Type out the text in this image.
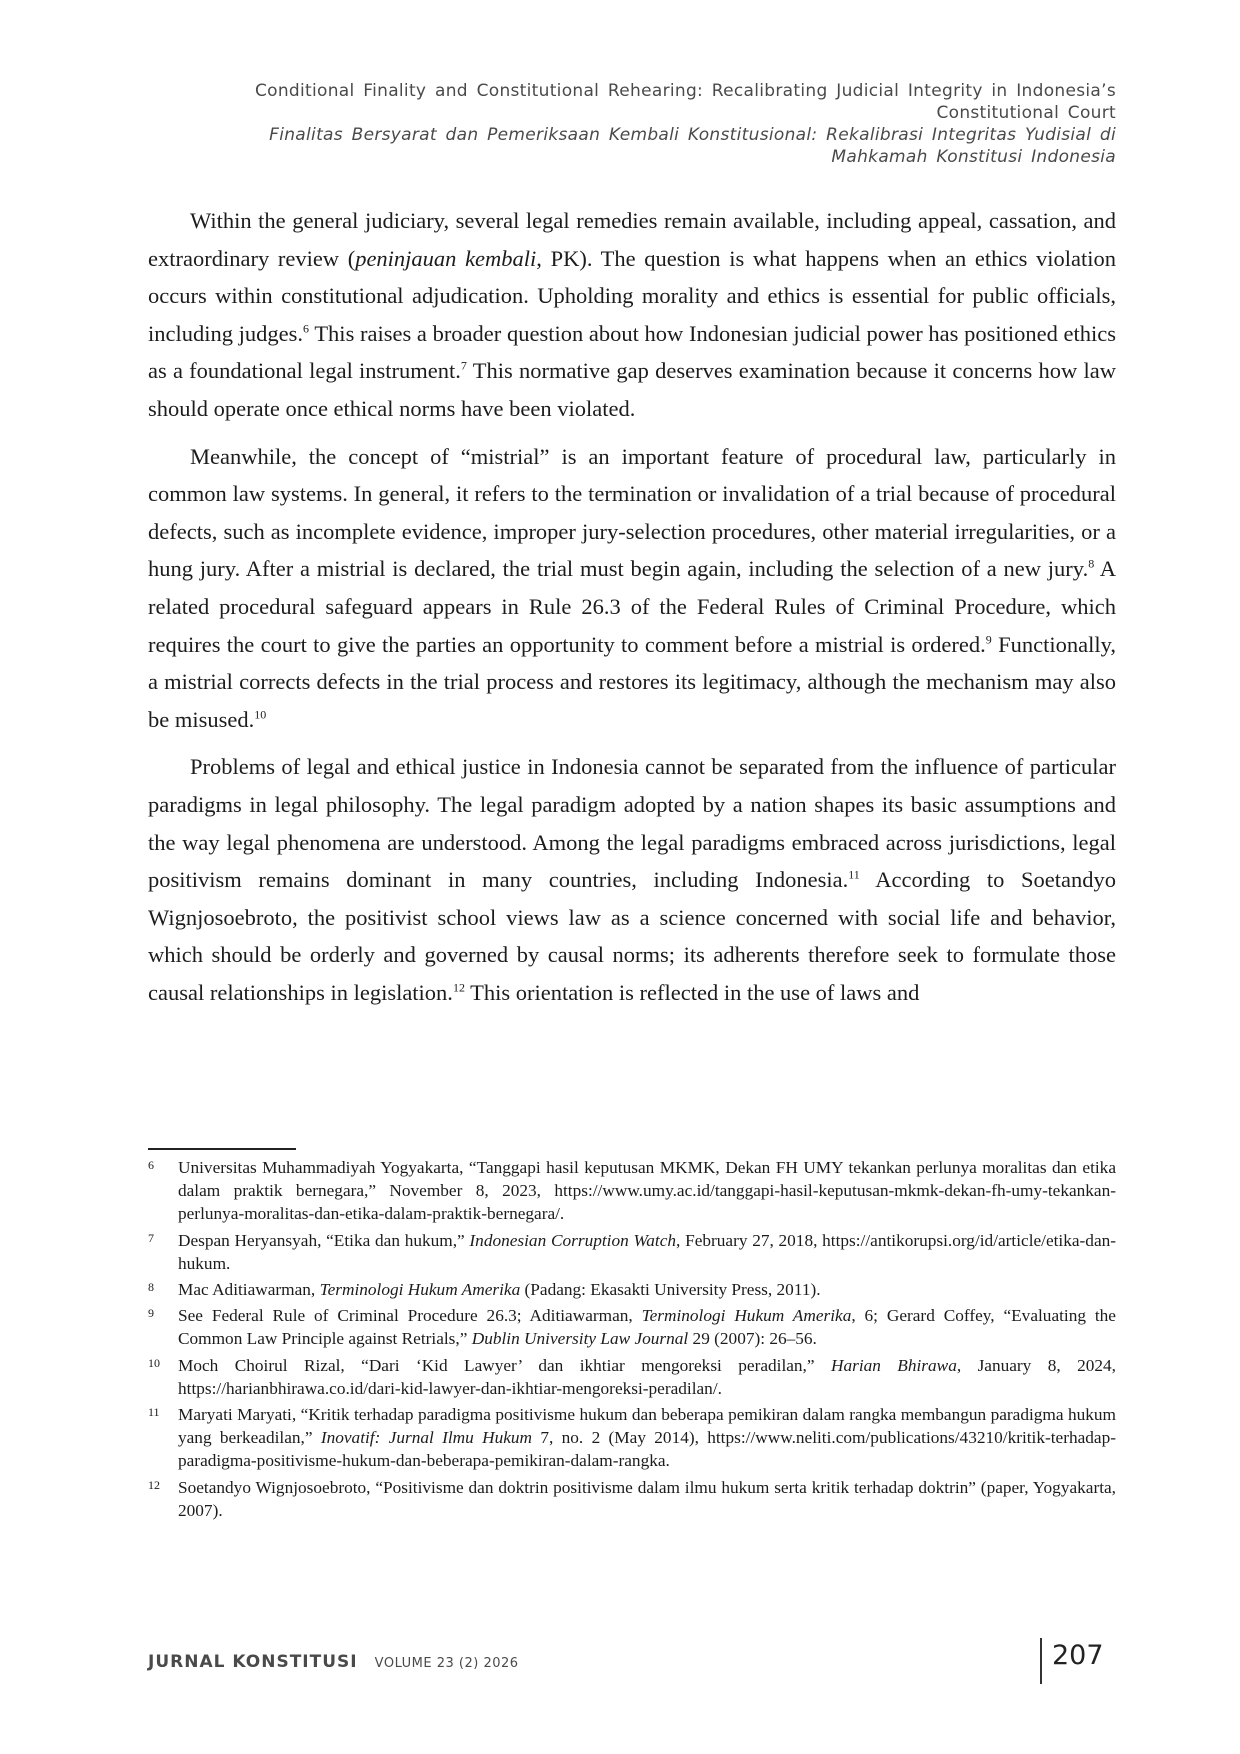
Conditional Finality and Constitutional Rehearing: Recalibrating Judicial Integrity in Indonesia’s Constitutional Court
Finalitas Bersyarat dan Pemeriksaan Kembali Konstitusional: Rekalibrasi Integritas Yudisial di Mahkamah Konstitusi Indonesia

Within the general judiciary, several legal remedies remain available, including appeal, cassation, and extraordinary review (peninjauan kembali, PK). The question is what happens when an ethics violation occurs within constitutional adjudication. Upholding morality and ethics is essential for public officials, including judges.$^6$ This raises a broader question about how Indonesian judicial power has positioned ethics as a foundational legal instrument.$^7$ This normative gap deserves examination because it concerns how law should operate once ethical norms have been violated.

Meanwhile, the concept of “mistrial” is an important feature of procedural law, particularly in common law systems. In general, it refers to the termination or invalidation of a trial because of procedural defects, such as incomplete evidence, improper jury-selection procedures, other material irregularities, or a hung jury. After a mistrial is declared, the trial must begin again, including the selection of a new jury.$^8$ A related procedural safeguard appears in Rule 26.3 of the Federal Rules of Criminal Procedure, which requires the court to give the parties an opportunity to comment before a mistrial is ordered.$^9$ Functionally, a mistrial corrects defects in the trial process and restores its legitimacy, although the mechanism may also be misused.$^{10}$

Problems of legal and ethical justice in Indonesia cannot be separated from the influence of particular paradigms in legal philosophy. The legal paradigm adopted by a nation shapes its basic assumptions and the way legal phenomena are understood. Among the legal paradigms embraced across jurisdictions, legal positivism remains dominant in many countries, including Indonesia.$^{11}$ According to Soetandyo Wignjosoebroto, the positivist school views law as a science concerned with social life and behavior, which should be orderly and governed by causal norms; its adherents therefore seek to formulate those causal relationships in legislation.$^{12}$ This orientation is reflected in the use of laws and

6	Universitas Muhammadiyah Yogyakarta, “Tanggapi hasil keputusan MKMK, Dekan FH UMY tekankan perlunya moralitas dan etika dalam praktik bernegara,” November 8, 2023, https://www.umy.ac.id/tanggapi-hasil-keputusan-mkmk-dekan-fh-umy-tekankan-perlunya-moralitas-dan-etika-dalam-praktik-bernegara/.
7	Despan Heryansyah, “Etika dan hukum,” Indonesian Corruption Watch, February 27, 2018, https://antikorupsi.org/id/article/etika-dan-hukum.
8	Mac Aditiawarman, Terminologi Hukum Amerika (Padang: Ekasakti University Press, 2011).
9	See Federal Rule of Criminal Procedure 26.3; Aditiawarman, Terminologi Hukum Amerika, 6; Gerard Coffey, “Evaluating the Common Law Principle against Retrials,” Dublin University Law Journal 29 (2007): 26–56.
10	Moch Choirul Rizal, “Dari ‘Kid Lawyer’ dan ikhtiar mengoreksi peradilan,” Harian Bhirawa, January 8, 2024, https://harianbhirawa.co.id/dari-kid-lawyer-dan-ikhtiar-mengoreksi-peradilan/.
11	Maryati Maryati, “Kritik terhadap paradigma positivisme hukum dan beberapa pemikiran dalam rangka membangun paradigma hukum yang berkeadilan,” Inovatif: Jurnal Ilmu Hukum 7, no. 2 (May 2014), https://www.neliti.com/publications/43210/kritik-terhadap-paradigma-positivisme-hukum-dan-beberapa-pemikiran-dalam-rangka.
12	Soetandyo Wignjosoebroto, “Positivisme dan doktrin positivisme dalam ilmu hukum serta kritik terhadap doktrin” (paper, Yogyakarta, 2007).
JURNAL KONSTITUSI VOLUME 23 (2) 2026	207
